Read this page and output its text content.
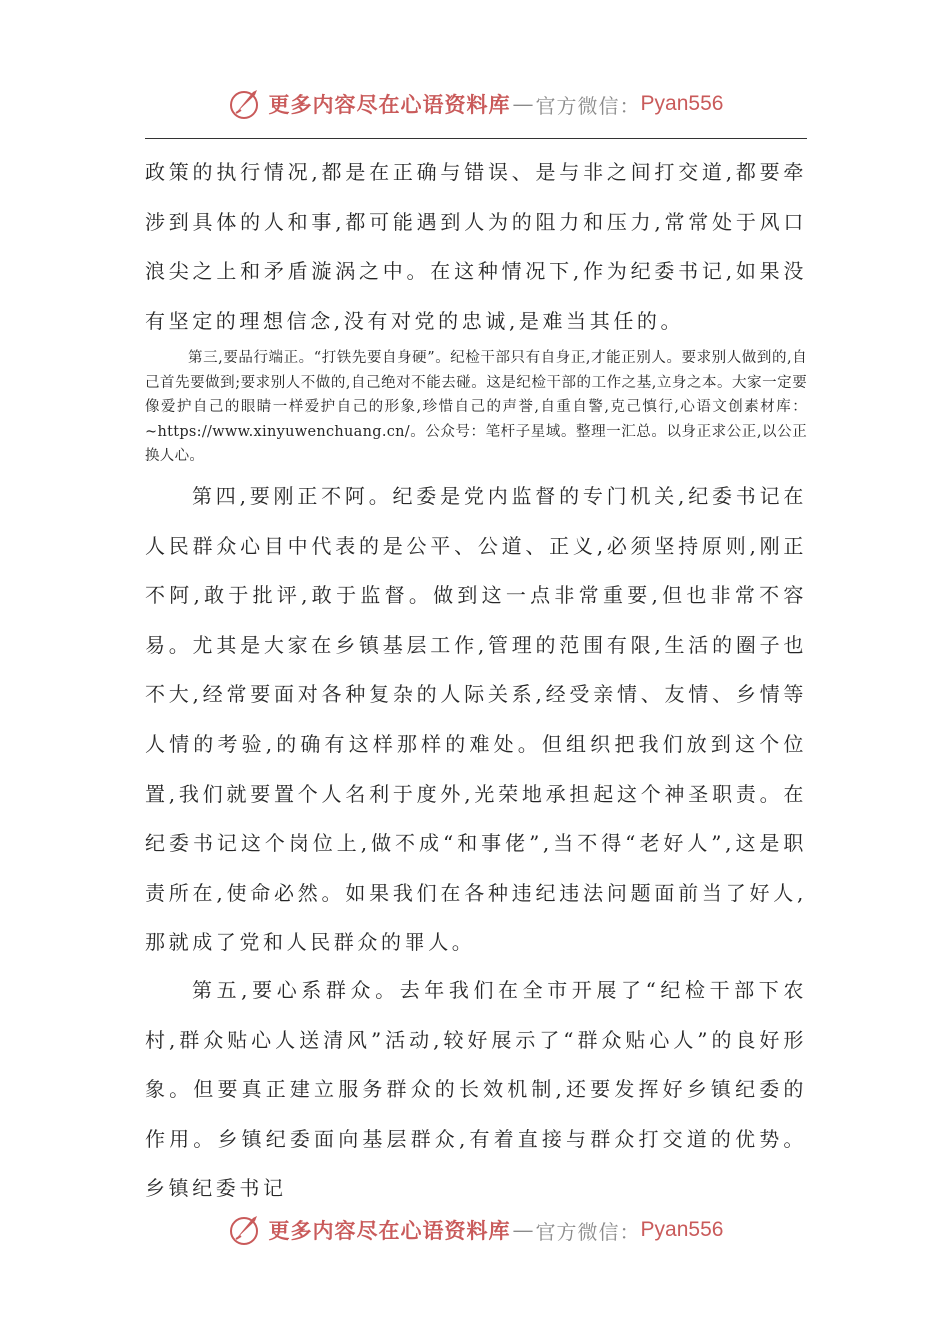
更多内容尽在心语资料库 — 官方微信： Pyan556

政策的执行情况,都是在正确与错误、是与非之间打交道,都要牵涉到具体的人和事,都可能遇到人为的阻力和压力,常常处于风口浪尖之上和矛盾漩涡之中。在这种情况下,作为纪委书记,如果没有坚定的理想信念,没有对党的忠诚,是难当其任的。

第三,要品行端正。“打铁先要自身硬”。纪检干部只有自身正,才能正别人。要求别人做到的,自己首先要做到;要求别人不做的,自己绝对不能去碰。这是纪检干部的工作之基,立身之本。大家一定要像爱护自己的眼睛一样爱护自己的形象,珍惜自己的声誉,自重自警,克己慎行,心语文创素材库：~https://www.xinyuwenchuang.cn/。公众号：笔杆子星域。整理一汇总。以身正求公正,以公正换人心。

第四,要刚正不阿。纪委是党内监督的专门机关,纪委书记在人民群众心目中代表的是公平、公道、正义,必须坚持原则,刚正不阿,敢于批评,敢于监督。做到这一点非常重要,但也非常不容易。尤其是大家在乡镇基层工作,管理的范围有限,生活的圈子也不大,经常要面对各种复杂的人际关系,经受亲情、友情、乡情等人情的考验,的确有这样那样的难处。但组织把我们放到这个位置,我们就要置个人名利于度外,光荣地承担起这个神圣职责。在纪委书记这个岗位上,做不成“和事佬”,当不得“老好人”,这是职责所在,使命必然。如果我们在各种违纪违法问题面前当了好人,那就成了党和人民群众的罪人。

第五,要心系群众。去年我们在全市开展了“纪检干部下农村,群众贴心人送清风”活动,较好展示了“群众贴心人”的良好形象。但要真正建立服务群众的长效机制,还要发挥好乡镇纪委的作用。乡镇纪委面向基层群众,有着直接与群众打交道的优势。乡镇纪委书记

更多内容尽在心语资料库 — 官方微信： Pyan556
